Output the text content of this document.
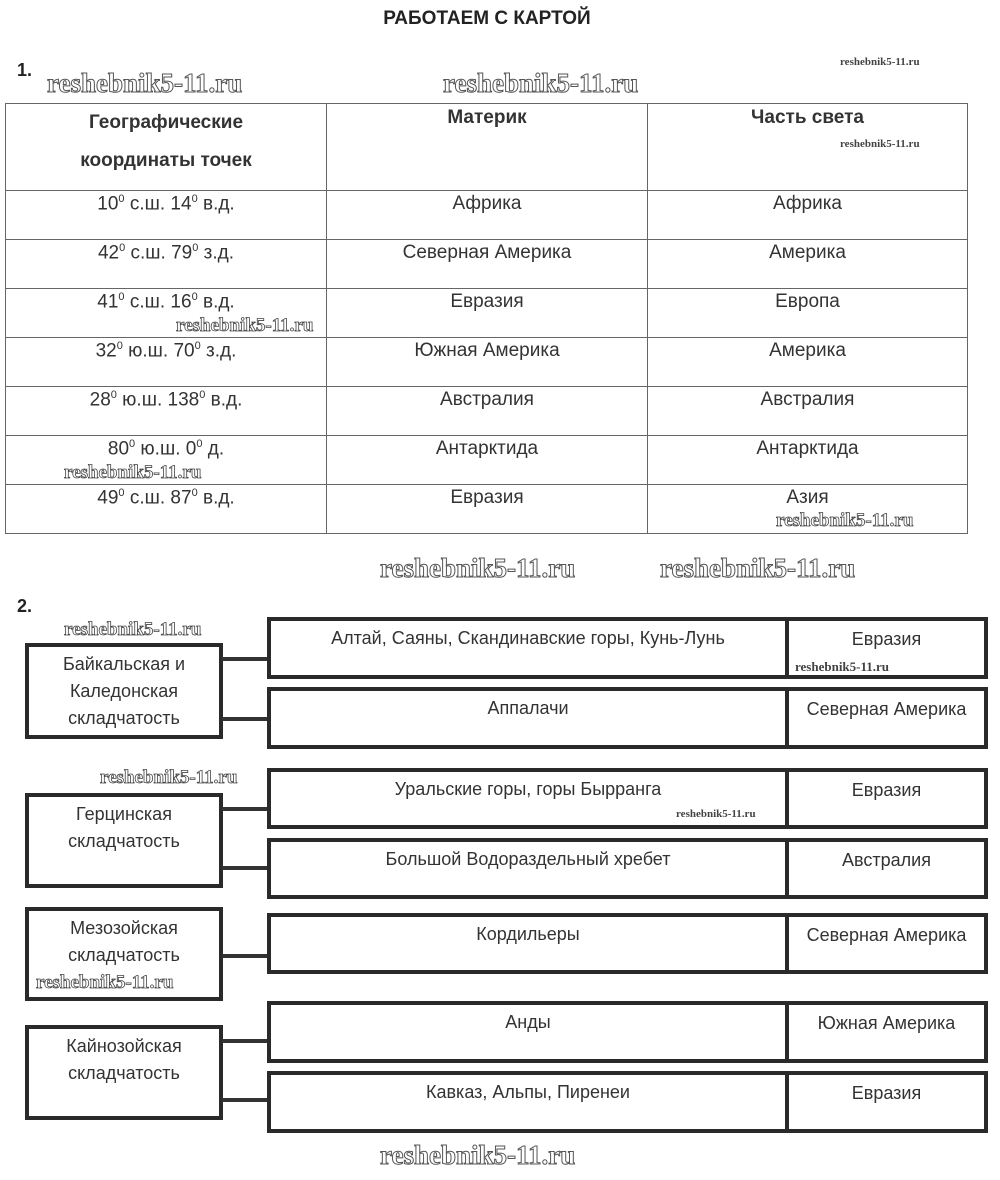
РАБОТАЕМ С КАРТОЙ
1.
Географические координаты точек	Материк	Часть света
$10^0$ с.ш. $14^0$ в.д.	Африка	Африка
$42^0$ с.ш. $79^0$ з.д.	Северная Америка	Америка
$41^0$ с.ш. $16^0$ в.д.	Евразия	Европа
$32^0$ ю.ш. $70^0$ з.д.	Южная Америка	Америка
$28^0$ ю.ш. $138^0$ в.д.	Австралия	Австралия
$80^0$ ю.ш. $0^0$ д.	Антарктида	Антарктида
$49^0$ с.ш. $87^0$ в.д.	Евразия	Азия
2.
Байкальская и Каледонская складчатость
Алтай, Саяны, Скандинавские горы, Кунь-Лунь	Евразия
Аппалачи	Северная Америка
Герцинская складчатость
Уральские горы, горы Бырранга	Евразия
Большой Водораздельный хребет	Австралия
Мезозойская складчатость
Кордильеры	Северная Америка
Кайнозойская складчатость
Анды	Южная Америка
Кавказ, Альпы, Пиренеи	Евразия
reshebnik5-11.ru	reshebnik5-11.ru
reshebnik5-11.ru
reshebnik5-11.ru
reshebnik5-11.ru
reshebnik5-11.ru
reshebnik5-11.ru
reshebnik5-11.ru
reshebnik5-11.ru
reshebnik5-11.ru
reshebnik5-11.ru
reshebnik5-11.ru
reshebnik5-11.ru
reshebnik5-11.ru
reshebnik5-11.ru
